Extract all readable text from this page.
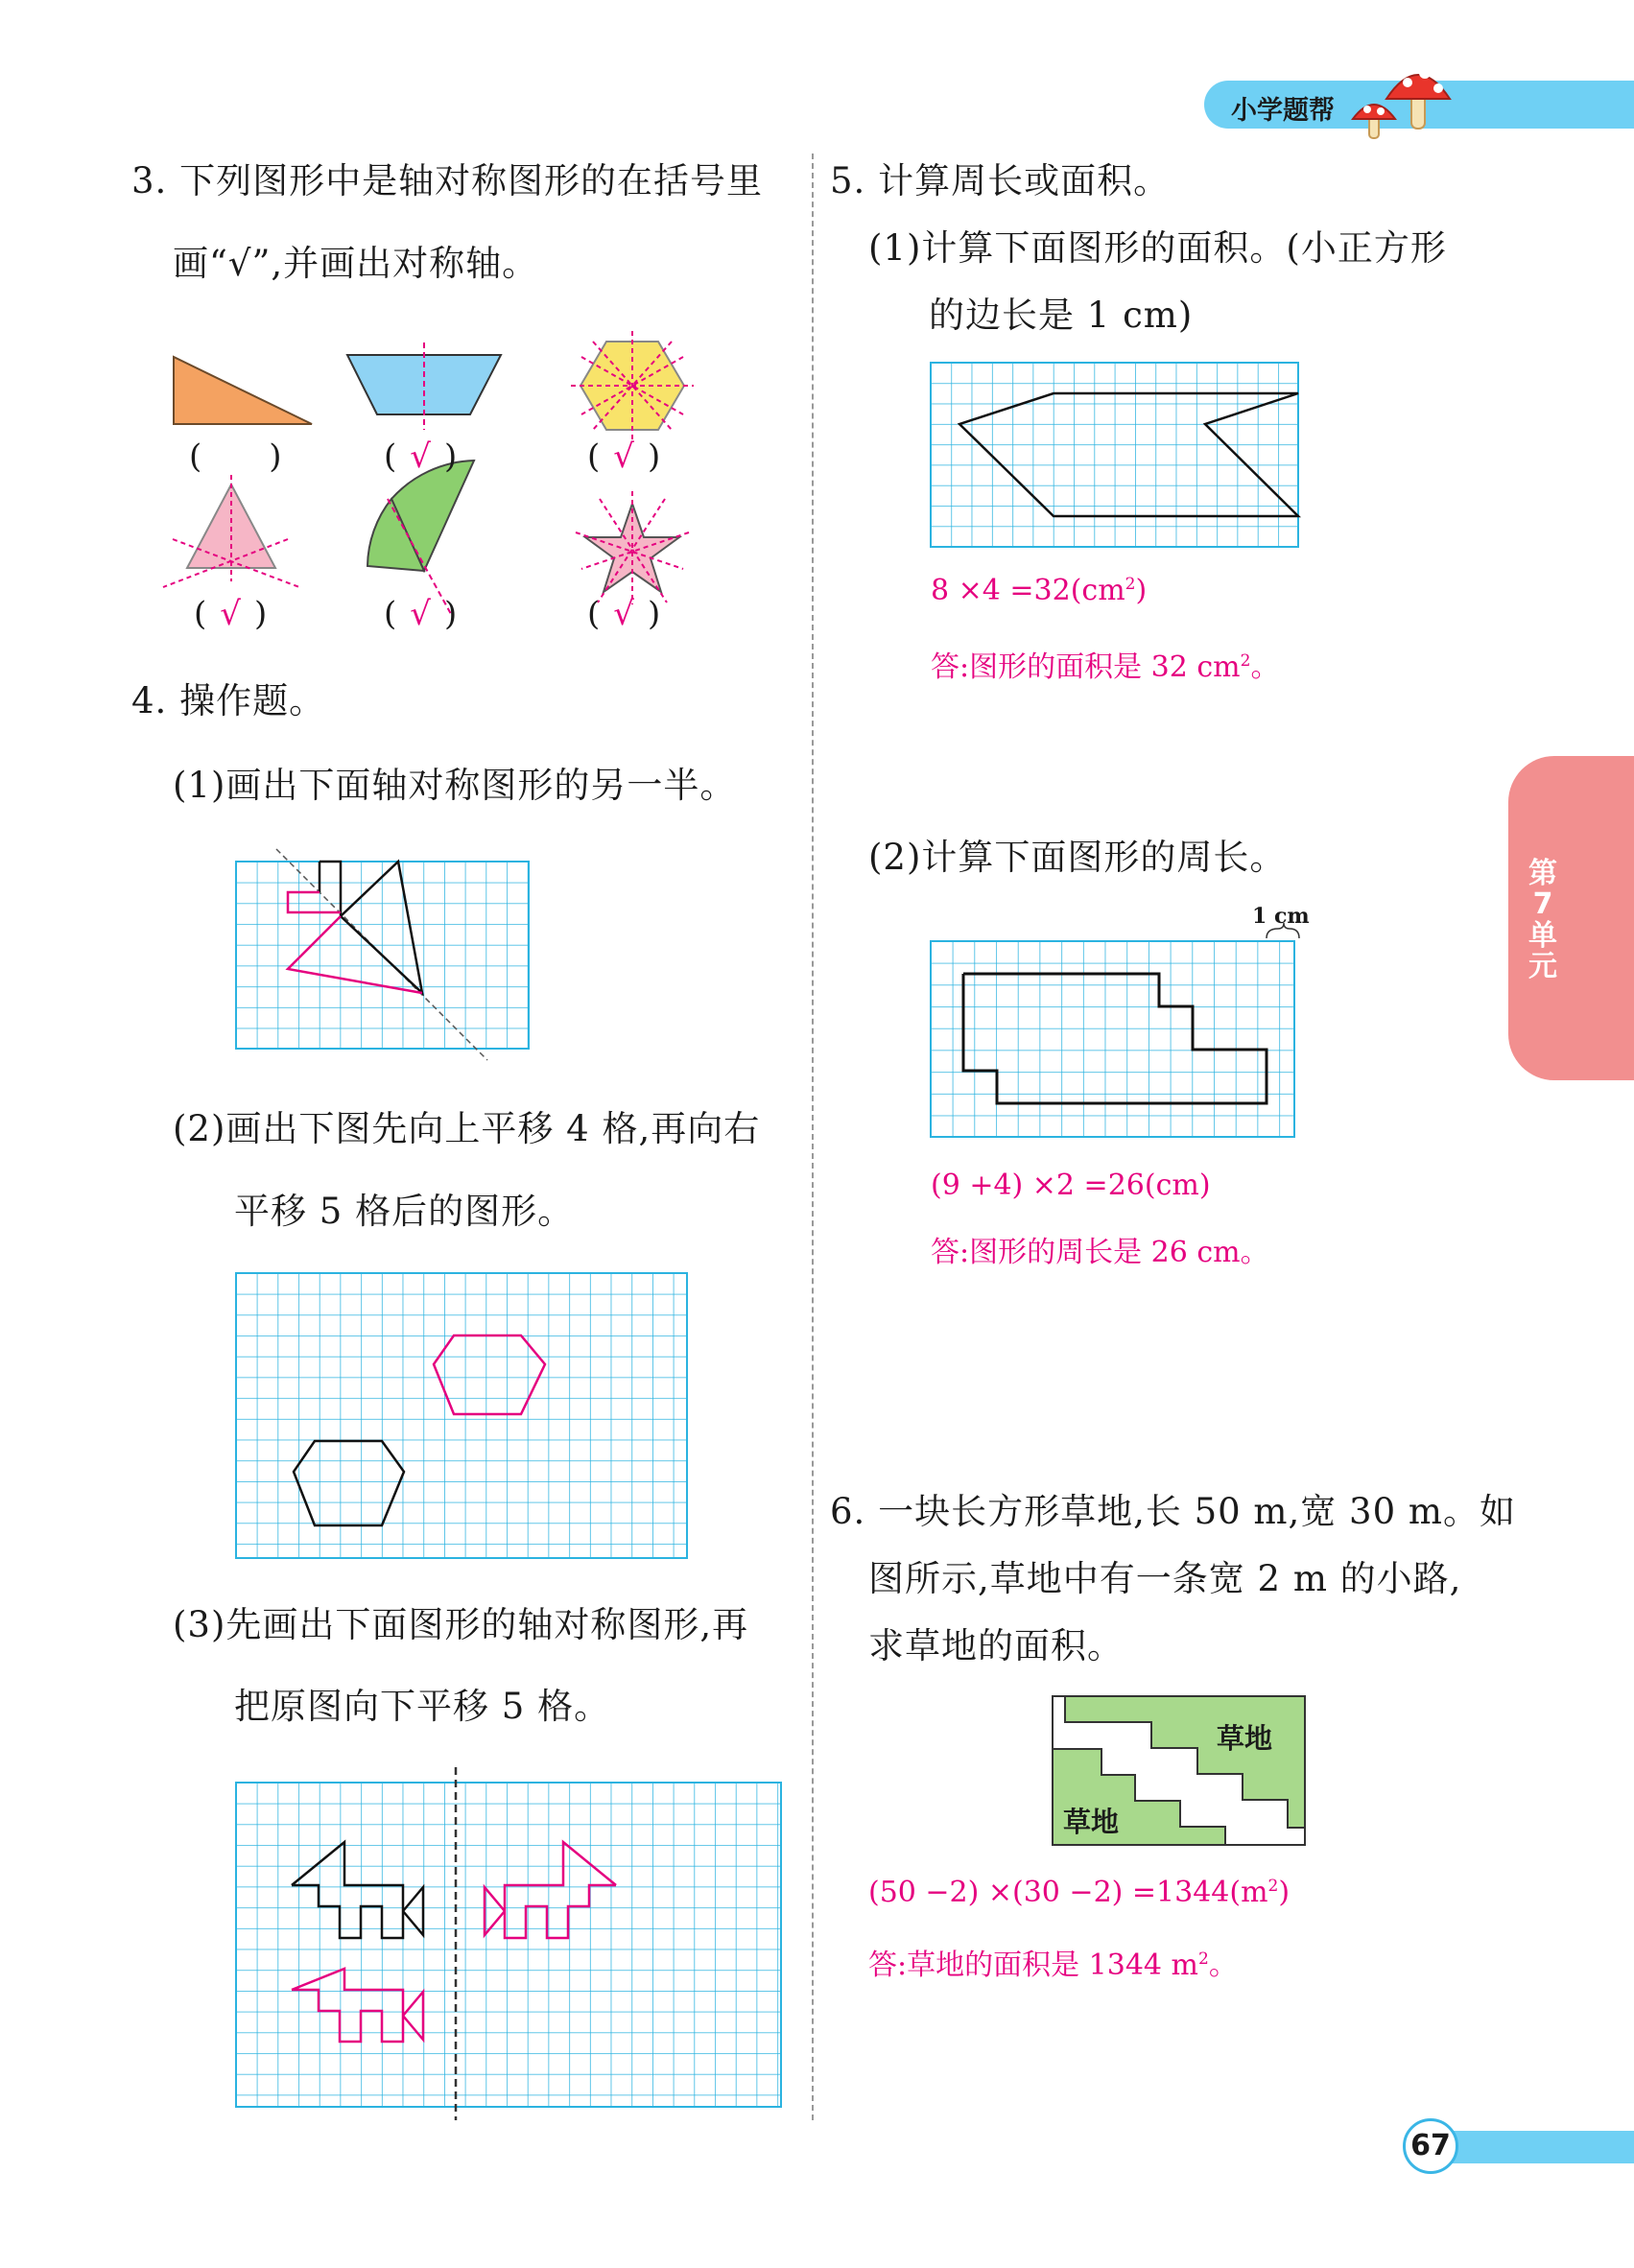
小学题帮
第
7
单
元
3. 下列图形中是轴对称图形的在括号里
画“√”,并画出对称轴。
( )	( √ )	( √ )
( √ )	( √ )	( √ )
4. 操作题。
(1)画出下面轴对称图形的另一半。
(2)画出下图先向上平移 4 格,再向右
平移 5 格后的图形。
(3)先画出下面图形的轴对称图形,再
把原图向下平移 5 格。
5. 计算周长或面积。
(1)计算下面图形的面积。(小正方形
的边长是 1 cm)
$8 \times 4 =32(cm^2)$
答:图形的面积是 32 $cm^2$。
(2)计算下面图形的周长。
1 cm
(9 +4) ×2 =26(cm)
答:图形的周长是 26 cm。
6. 一块长方形草地,长 50 m,宽 30 m。如
图所示,草地中有一条宽 2 m 的小路,
求草地的面积。
草地
草地
$(50 -2) \times(30 -2) =1344(m^2)$
答:草地的面积是 1344 $m^2$。
67
